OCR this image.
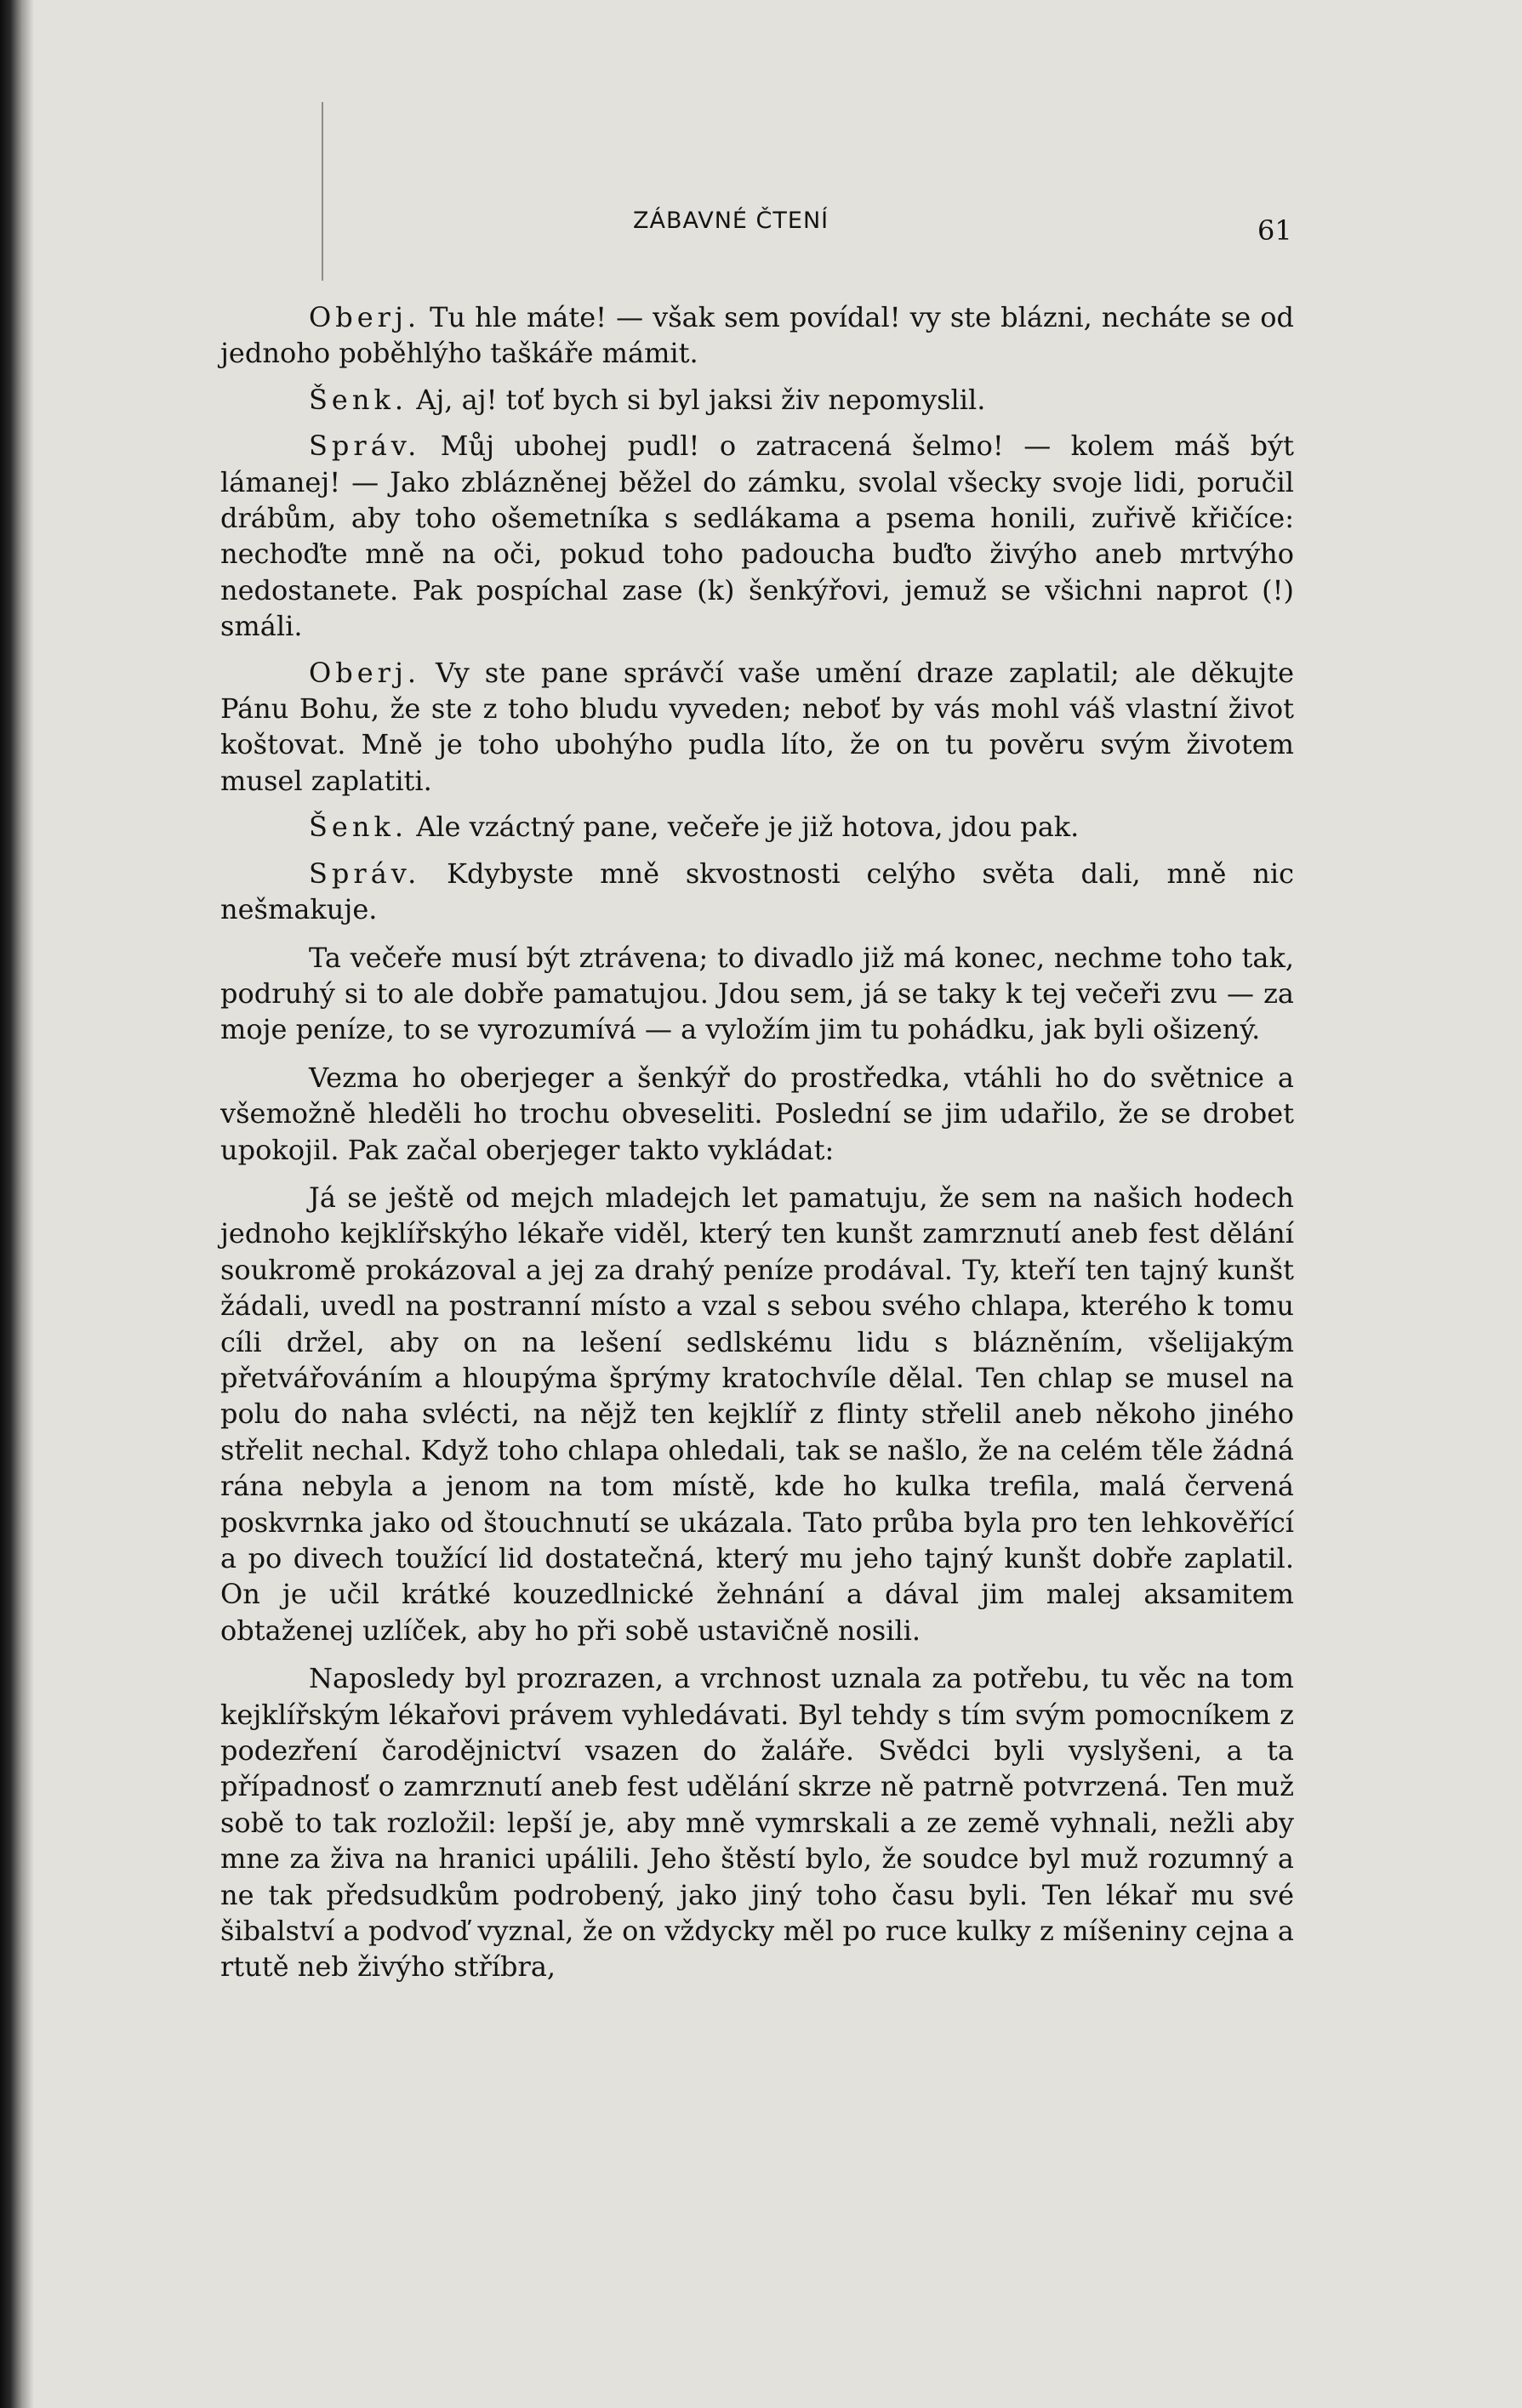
ZÁBAVNÉ ČTENÍ	61

Oberj. Tu hle máte! — však sem povídal! vy ste blázni, necháte se od jednoho poběhlýho taškáře mámit.

Šenk. Aj, aj! toť bych si byl jaksi živ nepomyslil.

Správ. Můj ubohej pudl! o zatracená šelmo! — kolem máš být lámanej! — Jako zblázněnej běžel do zámku, svolal všecky svoje lidi, poručil drábům, aby toho ošemetníka s sedlákama a psema honili, zuřivě křičíce: nechoďte mně na oči, pokud toho padoucha buďto živýho aneb mrtvýho nedostanete. Pak pospíchal zase (k) šenkýřovi, jemuž se všichni naprot (!) smáli.

Oberj. Vy ste pane správčí vaše umění draze zaplatil; ale děkujte Pánu Bohu, že ste z toho bludu vyveden; neboť by vás mohl váš vlastní život koštovat. Mně je toho ubohýho pudla líto, že on tu pověru svým životem musel zaplatiti.

Šenk. Ale vzáctný pane, večeře je již hotova, jdou pak.

Správ. Kdybyste mně skvostnosti celýho světa dali, mně nic nešmakuje.

Ta večeře musí být ztrávena; to divadlo již má konec, nechme toho tak, podruhý si to ale dobře pamatujou. Jdou sem, já se taky k tej večeři zvu — za moje peníze, to se vyrozumívá — a vyložím jim tu pohádku, jak byli ošizený.

Vezma ho oberjeger a šenkýř do prostředka, vtáhli ho do světnice a všemožně hleděli ho trochu obveseliti. Poslední se jim udařilo, že se drobet upokojil. Pak začal oberjeger takto vykládat:

Já se ještě od mejch mladejch let pamatuju, že sem na našich hodech jednoho kejklířskýho lékaře viděl, který ten kunšt zamrznutí aneb fest dělání soukromě prokázoval a jej za drahý peníze prodával. Ty, kteří ten tajný kunšt žádali, uvedl na postranní místo a vzal s sebou svého chlapa, kterého k tomu cíli držel, aby on na lešení sedlskému lidu s blázněním, všelijakým přetvářováním a hloupýma šprýmy kratochvíle dělal. Ten chlap se musel na polu do naha svlécti, na nějž ten kejklíř z flinty střelil aneb někoho jiného střelit nechal. Když toho chlapa ohledali, tak se našlo, že na celém těle žádná rána nebyla a jenom na tom místě, kde ho kulka trefila, malá červená poskvrnka jako od štouchnutí se ukázala. Tato průba byla pro ten lehkověřící a po divech toužící lid dostatečná, který mu jeho tajný kunšt dobře zaplatil. On je učil krátké kouzedlnické žehnání a dával jim malej aksamitem obtaženej uzlíček, aby ho při sobě ustavičně nosili.

Naposledy byl prozrazen, a vrchnost uznala za potřebu, tu věc na tom kejklířským lékařovi právem vyhledávati. Byl tehdy s tím svým pomocníkem z podezření čarodějnictví vsazen do žaláře. Svědci byli vyslyšeni, a ta případnosť o zamrznutí aneb fest udělání skrze ně patrně potvrzená. Ten muž sobě to tak rozložil: lepší je, aby mně vymrskali a ze země vyhnali, nežli aby mne za živa na hranici upálili. Jeho štěstí bylo, že soudce byl muž rozumný a ne tak předsudkům podrobený, jako jiný toho času byli. Ten lékař mu své šibalství a podvoď vyznal, že on vždycky měl po ruce kulky z míšeniny cejna a rtutě neb živýho stříbra,
